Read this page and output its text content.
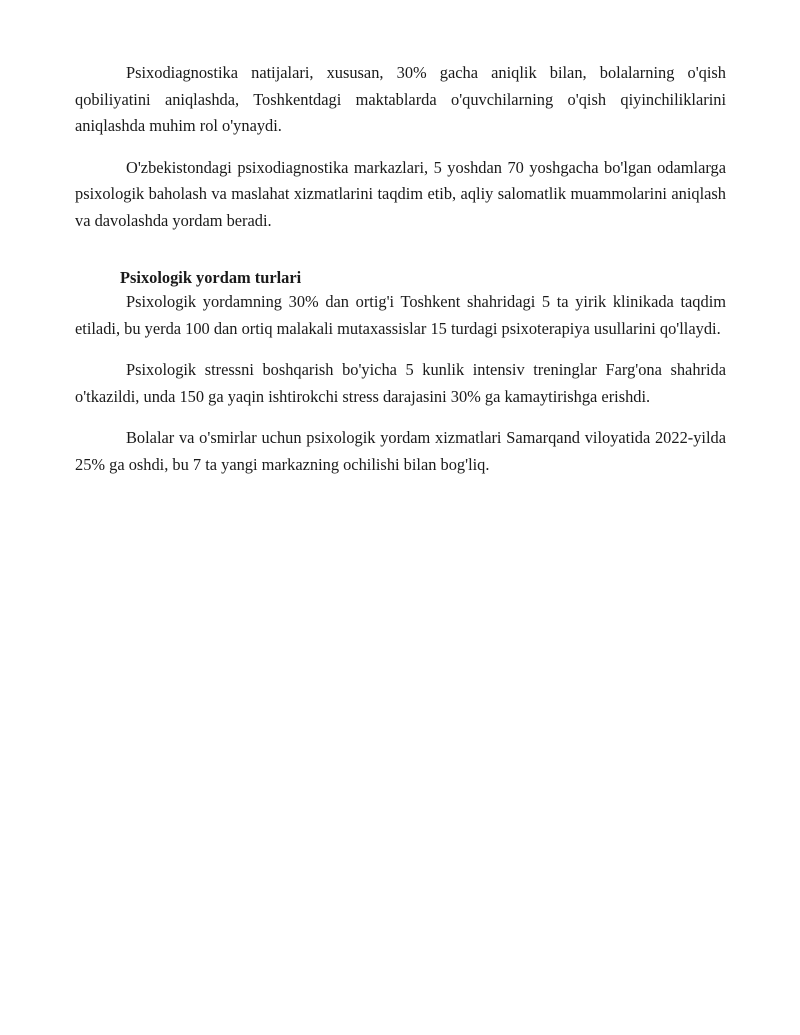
Psixodiagnostika natijalari, xususan, 30% gacha aniqlik bilan, bolalarning o'qish qobiliyatini aniqlashda, Toshkentdagi maktablarda o'quvchilarning o'qish qiyinchiliklarini aniqlashda muhim rol o'ynaydi.

O'zbekistondagi psixodiagnostika markazlari, 5 yoshdan 70 yoshgacha bo'lgan odamlarga psixologik baholash va maslahat xizmatlarini taqdim etib, aqliy salomatlik muammolarini aniqlash va davolashda yordam beradi.

Psixologik yordam turlari

Psixologik yordamning 30% dan ortig'i Toshkent shahridagi 5 ta yirik klinikada taqdim etiladi, bu yerda 100 dan ortiq malakali mutaxassislar 15 turdagi psixoterapiya usullarini qo'llaydi.

Psixologik stressni boshqarish bo'yicha 5 kunlik intensiv treninglar Farg'ona shahrida o'tkazildi, unda 150 ga yaqin ishtirokchi stress darajasini 30% ga kamaytirishga erishdi.

Bolalar va o'smirlar uchun psixologik yordam xizmatlari Samarqand viloyatida 2022-yilda 25% ga oshdi, bu 7 ta yangi markazning ochilishi bilan bog'liq.
